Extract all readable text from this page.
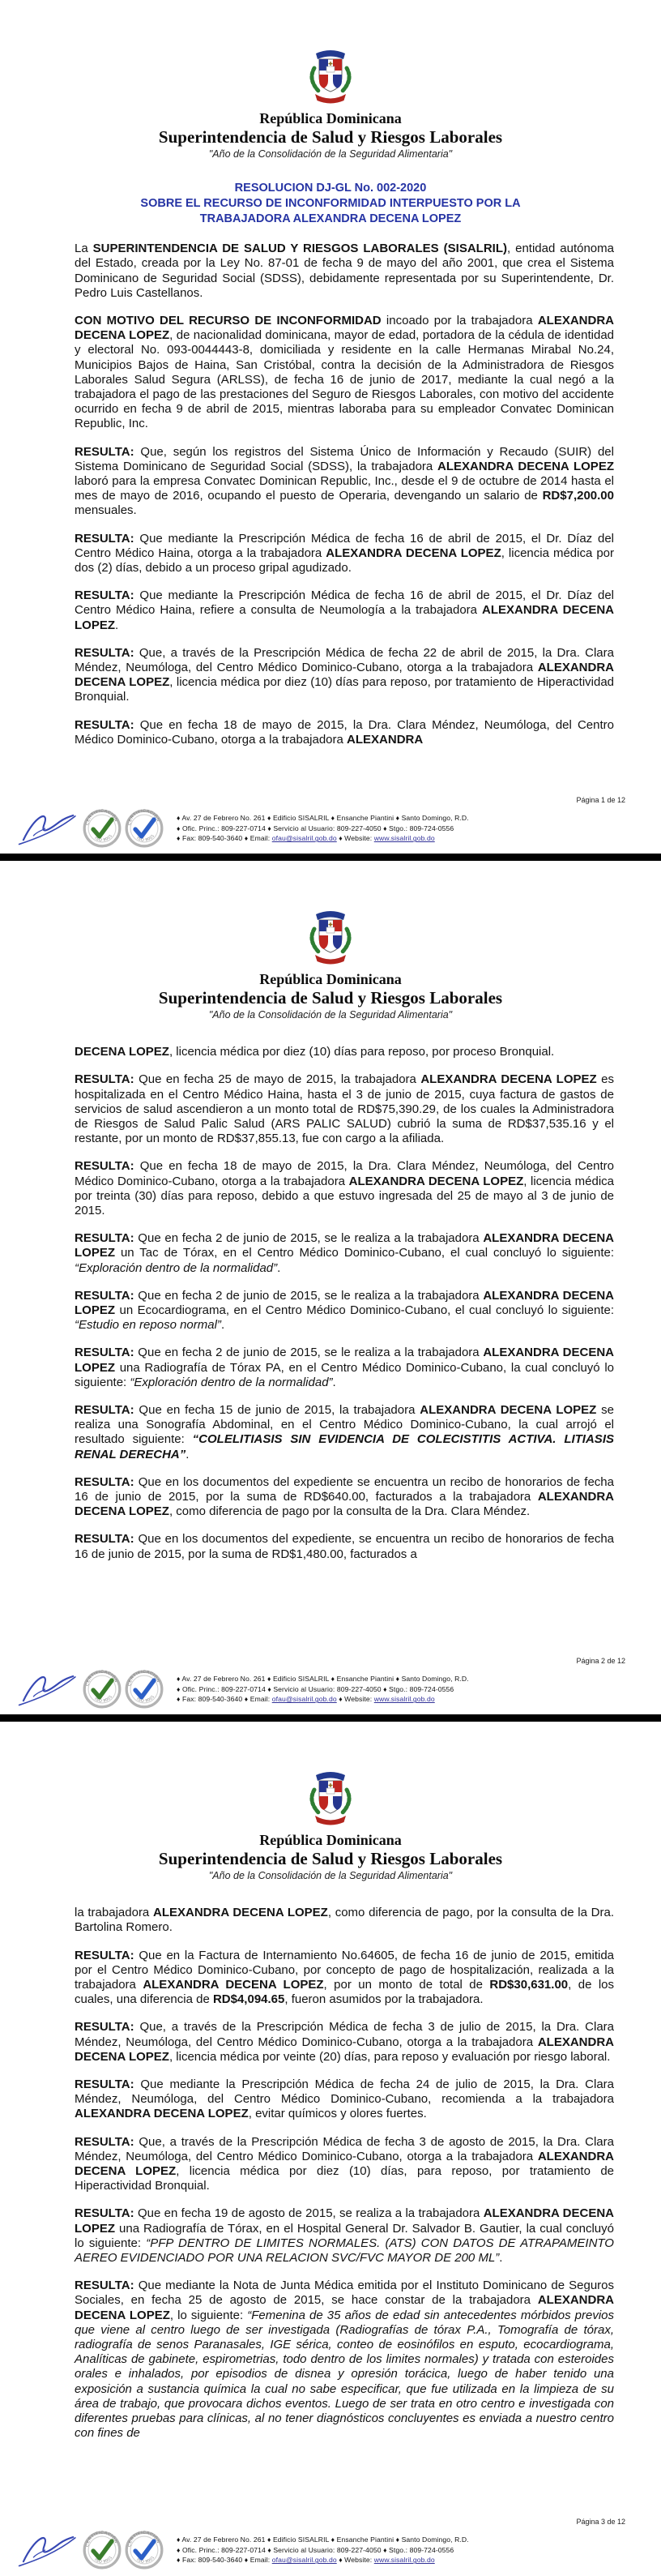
República Dominicana
Superintendencia de Salud y Riesgos Laborales
"Año de la Consolidación de la Seguridad Alimentaria"
RESOLUCION DJ-GL No. 002-2020
SOBRE EL RECURSO DE INCONFORMIDAD INTERPUESTO POR LA
TRABAJADORA ALEXANDRA DECENA LOPEZ

La SUPERINTENDENCIA DE SALUD Y RIESGOS LABORALES (SISALRIL), entidad autónoma del Estado, creada por la Ley No. 87-01 de fecha 9 de mayo del año 2001, que crea el Sistema Dominicano de Seguridad Social (SDSS), debidamente representada por su Superintendente, Dr. Pedro Luis Castellanos.

CON MOTIVO DEL RECURSO DE INCONFORMIDAD incoado por la trabajadora ALEXANDRA DECENA LOPEZ, de nacionalidad dominicana, mayor de edad, portadora de la cédula de identidad y electoral No. 093-0044443-8, domiciliada y residente en la calle Hermanas Mirabal No.24, Municipios Bajos de Haina, San Cristóbal, contra la decisión de la Administradora de Riesgos Laborales Salud Segura (ARLSS), de fecha 16 de junio de 2017, mediante la cual negó a la trabajadora el pago de las prestaciones del Seguro de Riesgos Laborales, con motivo del accidente ocurrido en fecha 9 de abril de 2015, mientras laboraba para su empleador Convatec Dominican Republic, Inc.

RESULTA: Que, según los registros del Sistema Único de Información y Recaudo (SUIR) del Sistema Dominicano de Seguridad Social (SDSS), la trabajadora ALEXANDRA DECENA LOPEZ laboró para la empresa Convatec Dominican Republic, Inc., desde el 9 de octubre de 2014 hasta el mes de mayo de 2016, ocupando el puesto de Operaria, devengando un salario de RD$7,200.00 mensuales.

RESULTA: Que mediante la Prescripción Médica de fecha 16 de abril de 2015, el Dr. Díaz del Centro Médico Haina, otorga a la trabajadora ALEXANDRA DECENA LOPEZ, licencia médica por dos (2) días, debido a un proceso gripal agudizado.

RESULTA: Que mediante la Prescripción Médica de fecha 16 de abril de 2015, el Dr. Díaz del Centro Médico Haina, refiere a consulta de Neumología a la trabajadora ALEXANDRA DECENA LOPEZ.

RESULTA: Que, a través de la Prescripción Médica de fecha 22 de abril de 2015, la Dra. Clara Méndez, Neumóloga, del Centro Médico Dominico-Cubano, otorga a la trabajadora ALEXANDRA DECENA LOPEZ, licencia médica por diez (10) días para reposo, por tratamiento de Hiperactividad Bronquial.

RESULTA: Que en fecha 18 de mayo de 2015, la Dra. Clara Méndez, Neumóloga, del Centro Médico Dominico-Cubano, otorga a la trabajadora ALEXANDRA

Página 1 de 12
CERTIFICACIÓN
ISO 9001
CERTIFICACIÓN
ISO 9001
♦ Av. 27 de Febrero No. 261 ♦ Edificio SISALRIL ♦ Ensanche Piantini ♦ Santo Domingo, R.D.
♦ Ofic. Princ.: 809-227-0714 ♦ Servicio al Usuario: 809-227-4050 ♦ Stgo.: 809-724-0556
♦ Fax: 809-540-3640 ♦ Email: ofau@sisalril.gob.do ♦ Website: www.sisalril.gob.do
República Dominicana
Superintendencia de Salud y Riesgos Laborales
"Año de la Consolidación de la Seguridad Alimentaria"

DECENA LOPEZ, licencia médica por diez (10) días para reposo, por proceso Bronquial.

RESULTA: Que en fecha 25 de mayo de 2015, la trabajadora ALEXANDRA DECENA LOPEZ es hospitalizada en el Centro Médico Haina, hasta el 3 de junio de 2015, cuya factura de gastos de servicios de salud ascendieron a un monto total de RD$75,390.29, de los cuales la Administradora de Riesgos de Salud Palic Salud (ARS PALIC SALUD) cubrió la suma de RD$37,535.16 y el restante, por un monto de RD$37,855.13, fue con cargo a la afiliada.

RESULTA: Que en fecha 18 de mayo de 2015, la Dra. Clara Méndez, Neumóloga, del Centro Médico Dominico-Cubano, otorga a la trabajadora ALEXANDRA DECENA LOPEZ, licencia médica por treinta (30) días para reposo, debido a que estuvo ingresada del 25 de mayo al 3 de junio de 2015.

RESULTA: Que en fecha 2 de junio de 2015, se le realiza a la trabajadora ALEXANDRA DECENA LOPEZ un Tac de Tórax, en el Centro Médico Dominico-Cubano, el cual concluyó lo siguiente: “Exploración dentro de la normalidad”.

RESULTA: Que en fecha 2 de junio de 2015, se le realiza a la trabajadora ALEXANDRA DECENA LOPEZ un Ecocardiograma, en el Centro Médico Dominico-Cubano, el cual concluyó lo siguiente: “Estudio en reposo normal”.

RESULTA: Que en fecha 2 de junio de 2015, se le realiza a la trabajadora ALEXANDRA DECENA LOPEZ una Radiografía de Tórax PA, en el Centro Médico Dominico-Cubano, la cual concluyó lo siguiente: “Exploración dentro de la normalidad”.

RESULTA: Que en fecha 15 de junio de 2015, la trabajadora ALEXANDRA DECENA LOPEZ se realiza una Sonografía Abdominal, en el Centro Médico Dominico-Cubano, la cual arrojó el resultado siguiente: “COLELITIASIS SIN EVIDENCIA DE COLECISTITIS ACTIVA. LITIASIS RENAL DERECHA”.

RESULTA: Que en los documentos del expediente se encuentra un recibo de honorarios de fecha 16 de junio de 2015, por la suma de RD$640.00, facturados a la trabajadora ALEXANDRA DECENA LOPEZ, como diferencia de pago por la consulta de la Dra. Clara Méndez.

RESULTA: Que en los documentos del expediente, se encuentra un recibo de honorarios de fecha 16 de junio de 2015, por la suma de RD$1,480.00, facturados a

Página 2 de 12
CERTIFICACIÓN
ISO 9001
CERTIFICACIÓN
ISO 9001
♦ Av. 27 de Febrero No. 261 ♦ Edificio SISALRIL ♦ Ensanche Piantini ♦ Santo Domingo, R.D.
♦ Ofic. Princ.: 809-227-0714 ♦ Servicio al Usuario: 809-227-4050 ♦ Stgo.: 809-724-0556
♦ Fax: 809-540-3640 ♦ Email: ofau@sisalril.gob.do ♦ Website: www.sisalril.gob.do
República Dominicana
Superintendencia de Salud y Riesgos Laborales
"Año de la Consolidación de la Seguridad Alimentaria"

la trabajadora ALEXANDRA DECENA LOPEZ, como diferencia de pago, por la consulta de la Dra. Bartolina Romero.

RESULTA: Que en la Factura de Internamiento No.64605, de fecha 16 de junio de 2015, emitida por el Centro Médico Dominico-Cubano, por concepto de pago de hospitalización, realizada a la trabajadora ALEXANDRA DECENA LOPEZ, por un monto de total de RD$30,631.00, de los cuales, una diferencia de RD$4,094.65, fueron asumidos por la trabajadora.

RESULTA: Que, a través de la Prescripción Médica de fecha 3 de julio de 2015, la Dra. Clara Méndez, Neumóloga, del Centro Médico Dominico-Cubano, otorga a la trabajadora ALEXANDRA DECENA LOPEZ, licencia médica por veinte (20) días, para reposo y evaluación por riesgo laboral.

RESULTA: Que mediante la Prescripción Médica de fecha 24 de julio de 2015, la Dra. Clara Méndez, Neumóloga, del Centro Médico Dominico-Cubano, recomienda a la trabajadora ALEXANDRA DECENA LOPEZ, evitar químicos y olores fuertes.

RESULTA: Que, a través de la Prescripción Médica de fecha 3 de agosto de 2015, la Dra. Clara Méndez, Neumóloga, del Centro Médico Dominico-Cubano, otorga a la trabajadora ALEXANDRA DECENA LOPEZ, licencia médica por diez (10) días, para reposo, por tratamiento de Hiperactividad Bronquial.

RESULTA: Que en fecha 19 de agosto de 2015, se realiza a la trabajadora ALEXANDRA DECENA LOPEZ una Radiografía de Tórax, en el Hospital General Dr. Salvador B. Gautier, la cual concluyó lo siguiente: “PFP DENTRO DE LIMITES NORMALES. (ATS) CON DATOS DE ATRAPAMEINTO AEREO EVIDENCIADO POR UNA RELACION SVC/FVC MAYOR DE 200 ML”.

RESULTA: Que mediante la Nota de Junta Médica emitida por el Instituto Dominicano de Seguros Sociales, en fecha 25 de agosto de 2015, se hace constar de la trabajadora ALEXANDRA DECENA LOPEZ, lo siguiente: “Femenina de 35 años de edad sin antecedentes mórbidos previos que viene al centro luego de ser investigada (Radiografías de tórax P.A., Tomografía de tórax, radiografía de senos Paranasales, IGE sérica, conteo de eosinófilos en esputo, ecocardiograma, Analíticas de gabinete, espirometrias, todo dentro de los limites normales) y tratada con esteroides orales e inhalados, por episodios de disnea y opresión torácica, luego de haber tenido una exposición a sustancia química la cual no sabe especificar, que fue utilizada en la limpieza de su área de trabajo, que provocara dichos eventos. Luego de ser trata en otro centro e investigada con diferentes pruebas para clínicas, al no tener diagnósticos concluyentes es enviada a nuestro centro con fines de

Página 3 de 12
CERTIFICACIÓN
ISO 9001
CERTIFICACIÓN
ISO 9001
♦ Av. 27 de Febrero No. 261 ♦ Edificio SISALRIL ♦ Ensanche Piantini ♦ Santo Domingo, R.D.
♦ Ofic. Princ.: 809-227-0714 ♦ Servicio al Usuario: 809-227-4050 ♦ Stgo.: 809-724-0556
♦ Fax: 809-540-3640 ♦ Email: ofau@sisalril.gob.do ♦ Website: www.sisalril.gob.do
